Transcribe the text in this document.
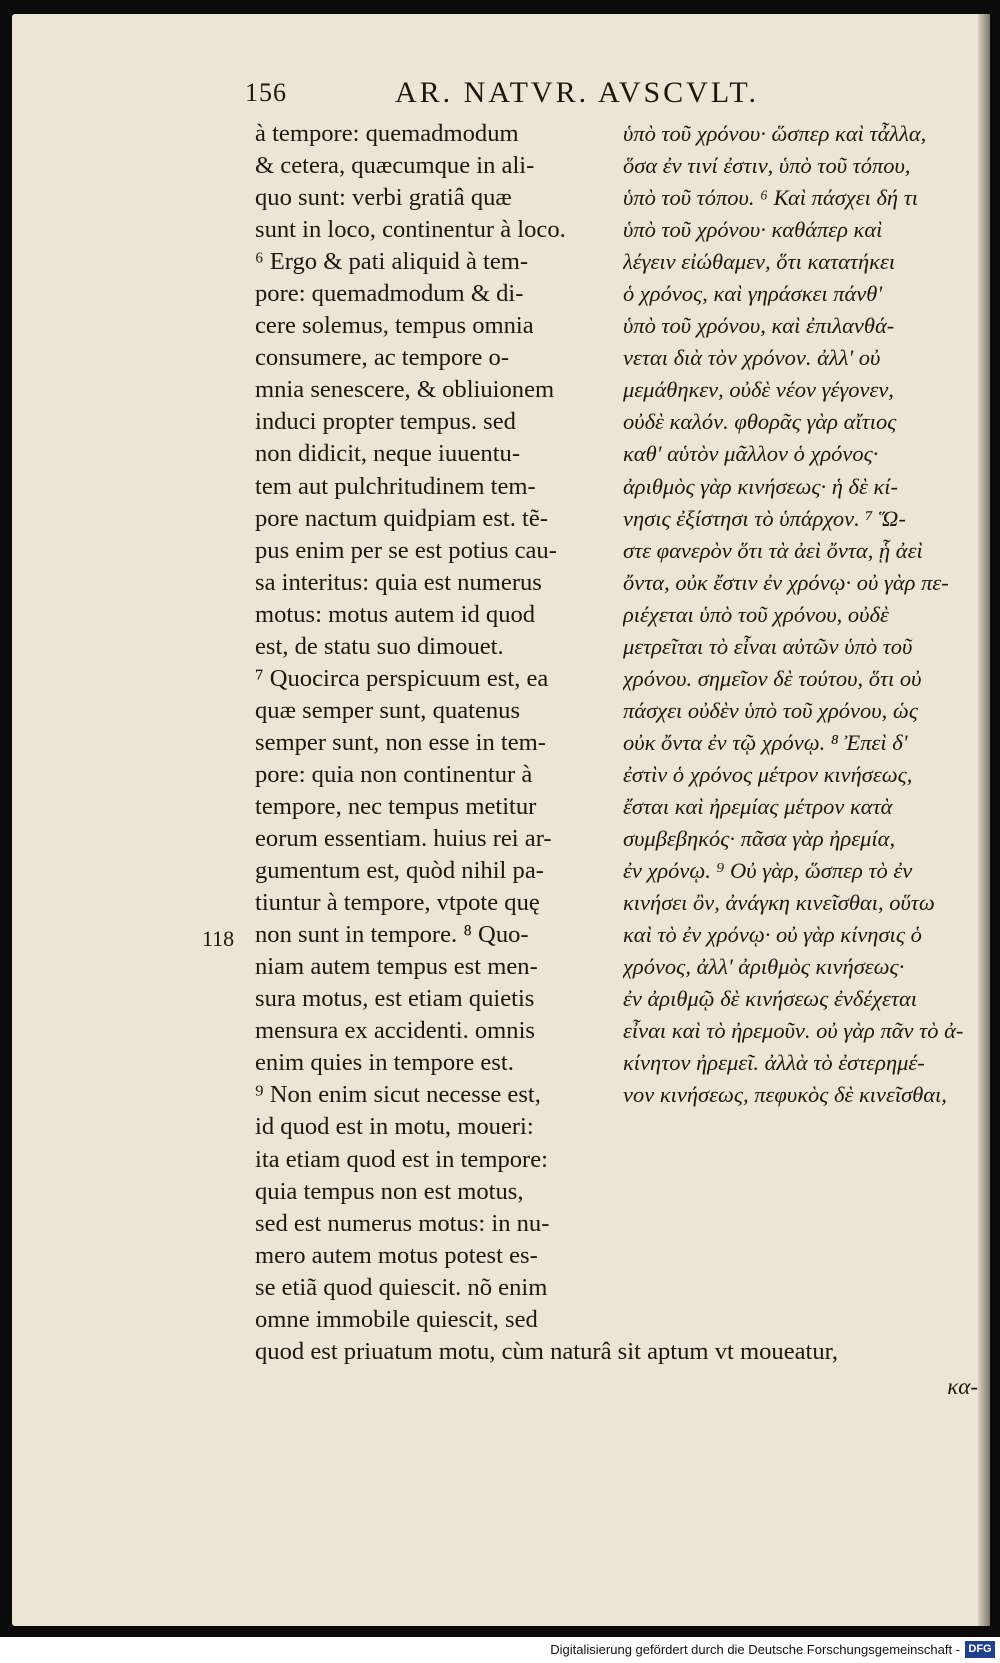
156	AR. NATVR. AVSCVLT.
à tempore: quemadmodum
& cetera, quæcumque in ali-
quo sunt: verbi gratiâ quæ
sunt in loco, continentur à loco.
⁶ Ergo & pati aliquid à tem-
pore: quemadmodum & di-
cere solemus, tempus omnia
consumere, ac tempore o-
mnia senescere, & obliuionem
induci propter tempus. sed
non didicit, neque iuuentu-
tem aut pulchritudinem tem-
pore nactum quidpiam est. tẽ-
pus enim per se est potius cau-
sa interitus: quia est numerus
motus: motus autem id quod
est, de statu suo dimouet.
⁷ Quocirca perspicuum est, ea
quæ semper sunt, quatenus
semper sunt, non esse in tem-
pore: quia non continentur à
tempore, nec tempus metitur
eorum essentiam. huius rei ar-
gumentum est, quòd nihil pa-
tiuntur à tempore, vtpote quę
non sunt in tempore. ⁸ Quo-
niam autem tempus est men-
sura motus, est etiam quietis
mensura ex accidenti. omnis
enim quies in tempore est.
⁹ Non enim sicut necesse est,
id quod est in motu, moueri:
ita etiam quod est in tempore:
quia tempus non est motus,
sed est numerus motus: in nu-
mero autem motus potest es-
se etiã quod quiescit. nõ enim
omne immobile quiescit, sed
ὑπὸ τοῦ χρόνου· ὥσπερ καὶ τἆλλα,
ὅσα ἐν τινί ἐστιν, ὑπὸ τοῦ τόπου,
ὑπὸ τοῦ τόπου. ⁶ Καὶ πάσχει δή τι
ὑπὸ τοῦ χρόνου· καθάπερ καὶ
λέγειν εἰώθαμεν, ὅτι κατατήκει
ὁ χρόνος, καὶ γηράσκει πάνθ'
ὑπὸ τοῦ χρόνου, καὶ ἐπιλανθά-
νεται διὰ τὸν χρόνον. ἀλλ' οὐ
μεμάθηκεν, οὐδὲ νέον γέγονεν,
οὐδὲ καλόν. φθορᾶς γὰρ αἴτιος
καθ' αὑτὸν μᾶλλον ὁ χρόνος·
ἀριθμὸς γὰρ κινήσεως· ἡ δὲ κί-
νησις ἐξίστησι τὸ ὑπάρχον. ⁷ Ὥ-
στε φανερὸν ὅτι τὰ ἀεὶ ὄντα, ᾗ ἀεὶ
ὄντα, οὐκ ἔστιν ἐν χρόνῳ· οὐ γὰρ πε-
ριέχεται ὑπὸ τοῦ χρόνου, οὐδὲ
μετρεῖται τὸ εἶναι αὐτῶν ὑπὸ τοῦ
χρόνου. σημεῖον δὲ τούτου, ὅτι οὐ
πάσχει οὐδὲν ὑπὸ τοῦ χρόνου, ὡς
οὐκ ὄντα ἐν τῷ χρόνῳ. ⁸ Ἐπεὶ δ'
ἐστὶν ὁ χρόνος μέτρον κινήσεως,
ἔσται καὶ ἠρεμίας μέτρον κατὰ
συμβεβηκός· πᾶσα γὰρ ἠρεμία,
ἐν χρόνῳ. ⁹ Οὐ γὰρ, ὥσπερ τὸ ἐν
κινήσει ὂν, ἀνάγκη κινεῖσθαι, οὕτω
καὶ τὸ ἐν χρόνῳ· οὐ γὰρ κίνησις ὁ
χρόνος, ἀλλ' ἀριθμὸς κινήσεως·
ἐν ἀριθμῷ δὲ κινήσεως ἐνδέχεται
εἶναι καὶ τὸ ἠρεμοῦν. οὐ γὰρ πᾶν τὸ ἀ-
κίνητον ἠρεμεῖ. ἀλλὰ τὸ ἐστερημέ-
νον κινήσεως, πεφυκὸς δὲ κινεῖσθαι,
118
quod est priuatum motu, cùm naturâ sit aptum vt moueatur,
κα-
Digitalisierung gefördert durch die Deutsche Forschungsgemeinschaft - DFG
